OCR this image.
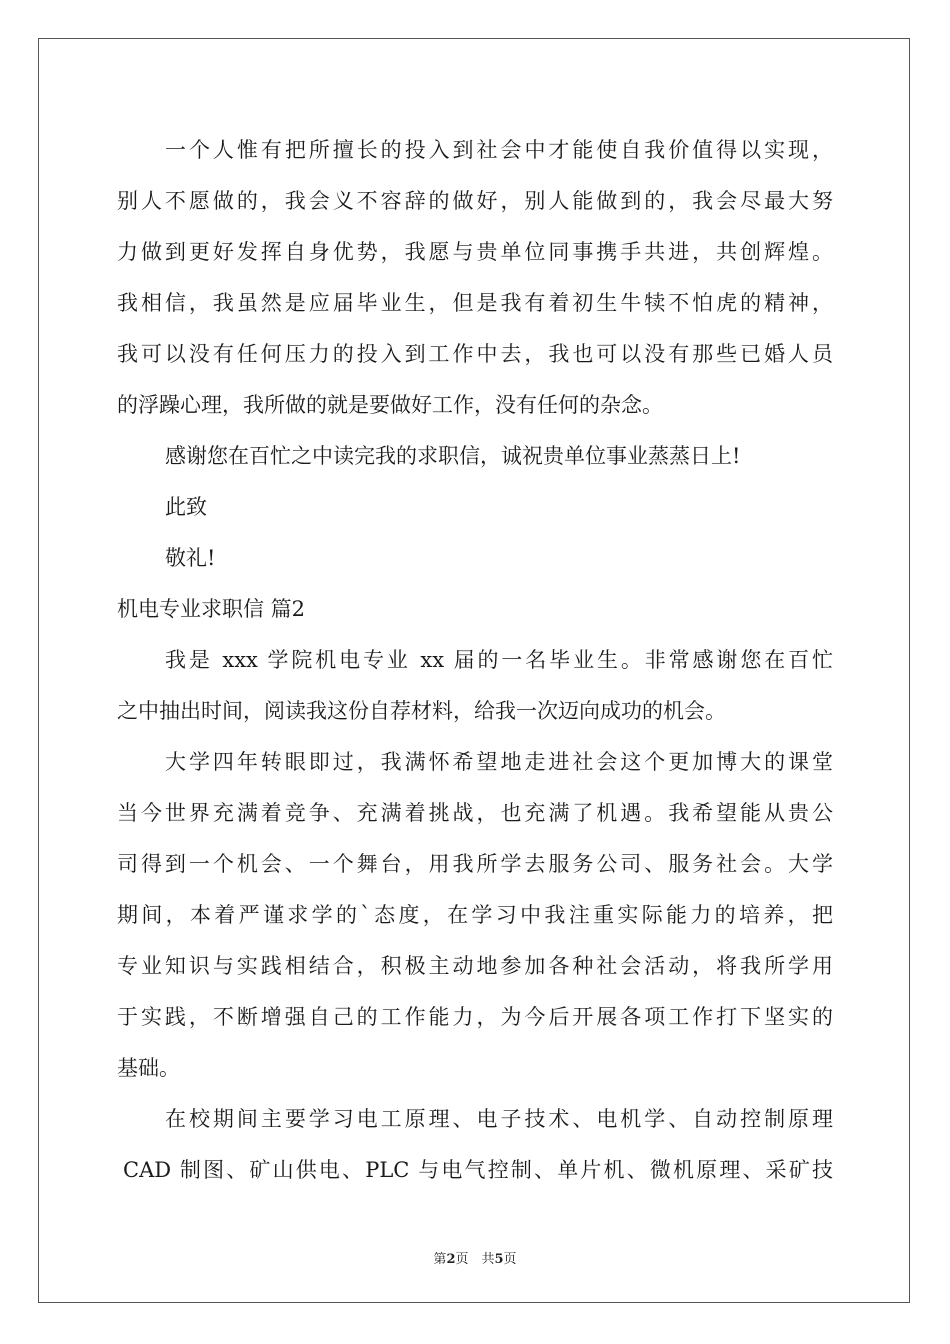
一个人惟有把所擅长的投入到社会中才能使自我价值得以实现，
别人不愿做的，我会义不容辞的做好，别人能做到的，我会尽最大努
力做到更好发挥自身优势，我愿与贵单位同事携手共进，共创辉煌。
我相信，我虽然是应届毕业生，但是我有着初生牛犊不怕虎的精神，
我可以没有任何压力的投入到工作中去，我也可以没有那些已婚人员
的浮躁心理，我所做的就是要做好工作，没有任何的杂念。
感谢您在百忙之中读完我的求职信，诚祝贵单位事业蒸蒸日上!
此致
敬礼!
机电专业求职信 篇2
我是 xxx 学院机电专业 xx 届的一名毕业生。非常感谢您在百忙
之中抽出时间，阅读我这份自荐材料，给我一次迈向成功的机会。
大学四年转眼即过，我满怀希望地走进社会这个更加博大的课堂
当今世界充满着竞争、充满着挑战，也充满了机遇。我希望能从贵公
司得到一个机会、一个舞台，用我所学去服务公司、服务社会。大学
期间，本着严谨求学的`态度，在学习中我注重实际能力的培养，把
专业知识与实践相结合，积极主动地参加各种社会活动，将我所学用
于实践，不断增强自己的工作能力，为今后开展各项工作打下坚实的
基础。
在校期间主要学习电工原理、电子技术、电机学、自动控制原理
CAD 制图、矿山供电、PLC 与电气控制、单片机、微机原理、采矿技
第2页　共5页
